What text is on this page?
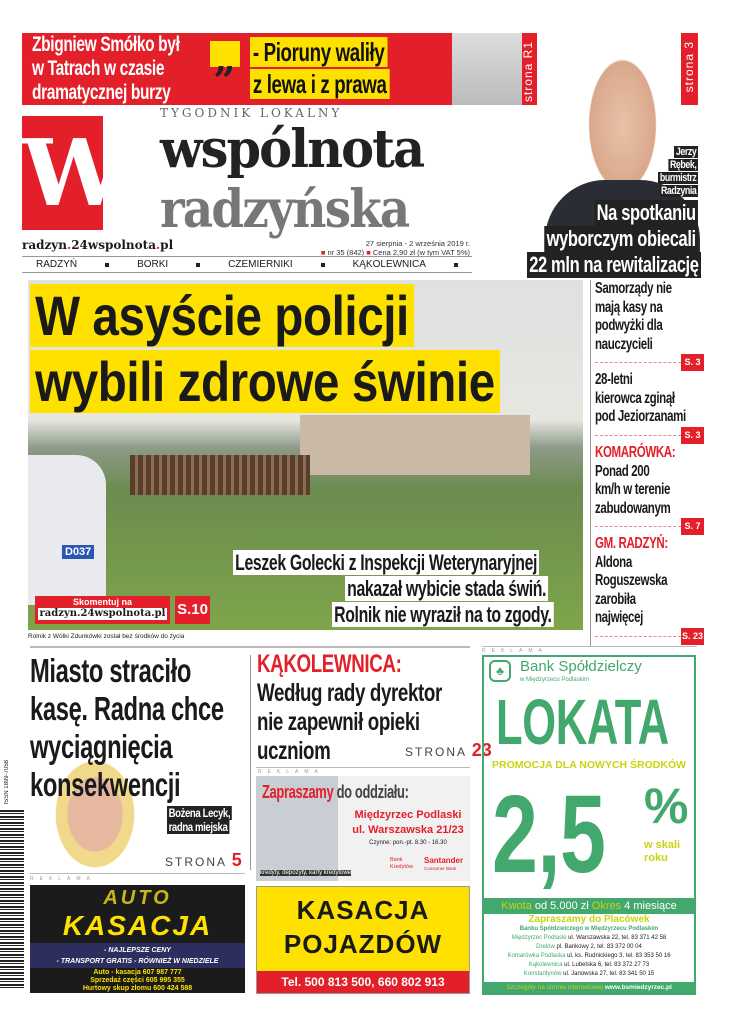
Zbigniew Smółko był
w Tatrach w czasie
dramatycznej burzy
„ - Pioruny waliły
z lewa i z prawa	strona R1	strona 3
W
TYGODNIK LOKALNY
wspólnota
radzyńska
radzyn.24wspolnota.pl	27 sierpnia - 2 września 2019 r.
■ nr 35 (842) ■ Cena 2,90 zł (w tym VAT 5%)
Jerzy
Rębek,
burmistrz
Radzynia
Na spotkaniu
wyborczym obiecali
22 mln na rewitalizację
RADZYŃ	BORKI	CZEMIERNIKI	KĄKOLEWNICA
D037
W asyście policji
wybili zdrowe świnie
Leszek Golecki z Inspekcji Weterynaryjnej
nakazał wybicie stada świń.
Rolnik nie wyraził na to zgody.
Skomentuj na
radzyn.24wspolnota.pl S.10
Rolnik z Wólki Zdunkówki został bez środków do życia
Samorządy nie
mają kasy na
podwyżki dla
nauczycieli
S. 3
28-letni
kierowca zginął
pod Jeziorzanami
S. 3
KOMARÓWKA:
Ponad 200
km/h w terenie
zabudowanym
S. 7
GM. RADZYŃ:
Aldona
Roguszewska
zarobiła
najwięcej
S. 23
Miasto straciło
kasę. Radna chce
wyciągnięcia
konsekwencji
Bożena Lecyk,
radna miejska
STRONA 5
ISSN 1899-7058
KĄKOLEWNICA:
Według rady dyrektor
nie zapewnił opieki
uczniom	STRONA 23
REKLAMA
Zapraszamy do oddziału:
Międzyrzec Podlaski
ul. Warszawska 21/23
Czynne: pon.-pt. 8.30 - 16.30
kredyty, depozyty, karty kredytowe
Bank Kredytów
Santander
Consumer Bank
REKLAMA
♣	Bank Spółdzielczy
w Międzyrzecu Podlaskim
LOKATA
PROMOCJA DLA NOWYCH ŚRODKÓW
2,5 %
w skali
roku
Kwota od 5.000 zł Okres 4 miesiące
Zapraszamy do Placówek
Banku Spółdzielczego w Międzyrzecu Podlaskim
Międzyrzec Podlaski ul. Warszawska 22, tel. 83 371 42 58
Drelów pl. Bankowy 2, tel. 83 372 00 04
Komarówka Podlaska ul. ks. Rudnickiego 3, tel. 83 353 50 16
Kąkolewnica ul. Lubelska 6, tel. 83 372 27 73
Konstantynów ul. Janowska 27, tel. 83 341 50 15
Szczegóły na stronie internetowej www.bsmiedzyrzec.pl
REKLAMA
AUTO
KASACJA
- NAJLEPSZE CENY
- TRANSPORT GRATIS - RÓWNIEŻ W NIEDZIELE
Auto - kasacja 607 987 777
Sprzedaż części 605 995 355
Hurtowy skup złomu 600 424 588
KASACJA
POJAZDÓW
Tel. 500 813 500, 660 802 913
